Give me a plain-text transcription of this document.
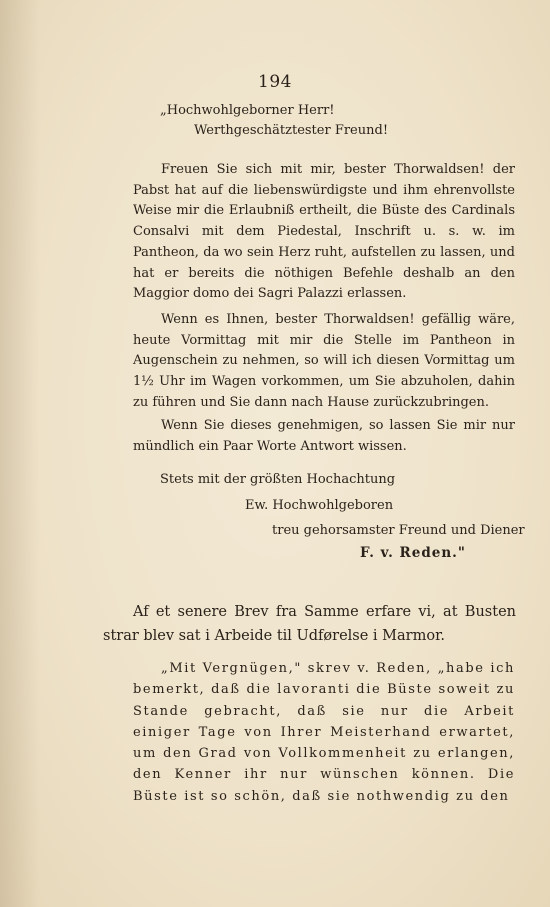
194
„Hochwohlgeborner Herr!
Werthgeschätztester Freund!

Freuen Sie sich mit mir, bester Thorwaldsen! der Pabst hat auf die liebenswürdigste und ihm ehrenvollste Weise mir die Erlaubniß ertheilt, die Büste des Cardinals Consalvi mit dem Piedestal, Inschrift u. s. w. im Pantheon, da wo sein Herz ruht, aufstellen zu lassen, und hat er bereits die nöthigen Befehle deshalb an den Maggior domo dei Sagri Palazzi erlassen.

Wenn es Ihnen, bester Thorwaldsen! gefällig wäre, heute Vormittag mit mir die Stelle im Pantheon in Augenschein zu nehmen, so will ich diesen Vormittag um 1½ Uhr im Wagen vorkommen, um Sie abzuholen, dahin zu führen und Sie dann nach Hause zurückzubringen.

Wenn Sie dieses genehmigen, so lassen Sie mir nur mündlich ein Paar Worte Antwort wissen.

Stets mit der größten Hochachtung
Ew. Hochwohlgeboren
treu gehorsamster Freund und Diener
F. v. Reden."

Af et senere Brev fra Samme erfare vi, at Busten strar blev sat i Arbeide til Udførelse i Marmor.

„Mit Vergnügen," skrev v. Reden, „habe ich bemerkt, daß die lavoranti die Büste soweit zu Stande gebracht, daß sie nur die Arbeit einiger Tage von Ihrer Meisterhand erwartet, um den Grad von Vollkommenheit zu erlangen, den Kenner ihr nur wünschen können. Die Büste ist so schön, daß sie nothwendig zu den
